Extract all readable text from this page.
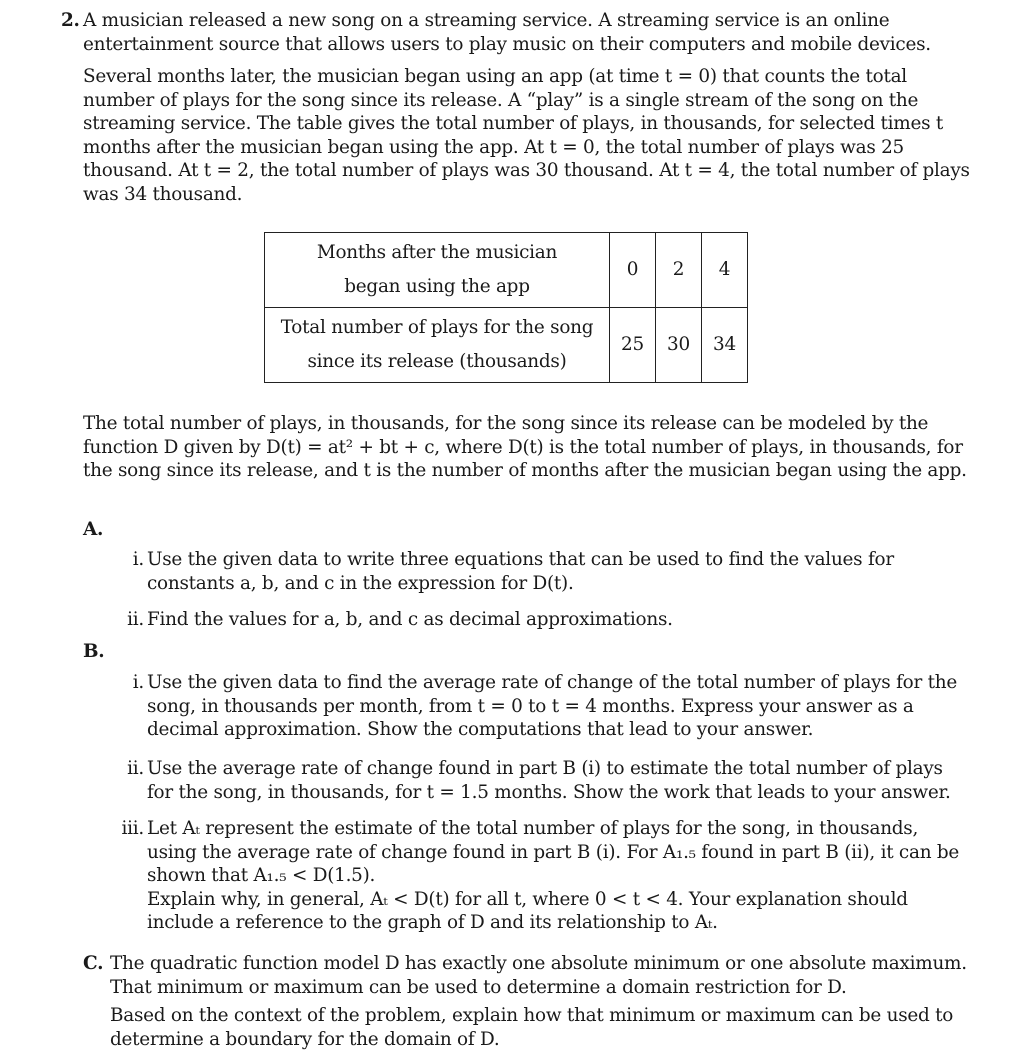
2. A musician released a new song on a streaming service. A streaming service is an online entertainment source that allows users to play music on their computers and mobile devices.

Several months later, the musician began using an app (at time t = 0) that counts the total number of plays for the song since its release. A “play” is a single stream of the song on the streaming service. The table gives the total number of plays, in thousands, for selected times t months after the musician began using the app. At t = 0, the total number of plays was 25 thousand. At t = 2, the total number of plays was 30 thousand. At t = 4, the total number of plays was 34 thousand.

Months after the musician
began using the app	0	2	4

Total number of plays for the song
since its release (thousands)	25	30	34

The total number of plays, in thousands, for the song since its release can be modeled by the function D given by D(t) = at² + bt + c, where D(t) is the total number of plays, in thousands, for the song since its release, and t is the number of months after the musician began using the app.

A.
i. Use the given data to write three equations that can be used to find the values for constants a, b, and c in the expression for D(t).
ii. Find the values for a, b, and c as decimal approximations.
B.
i. Use the given data to find the average rate of change of the total number of plays for the song, in thousands per month, from t = 0 to t = 4 months. Express your answer as a decimal approximation. Show the computations that lead to your answer.
ii. Use the average rate of change found in part B (i) to estimate the total number of plays for the song, in thousands, for t = 1.5 months. Show the work that leads to your answer.
iii. Let Aₜ represent the estimate of the total number of plays for the song, in thousands, using the average rate of change found in part B (i). For A₁.₅ found in part B (ii), it can be shown that A₁.₅ < D(1.5).
Explain why, in general, Aₜ < D(t) for all t, where 0 < t < 4. Your explanation should include a reference to the graph of D and its relationship to Aₜ.
C. The quadratic function model D has exactly one absolute minimum or one absolute maximum. That minimum or maximum can be used to determine a domain restriction for D.
Based on the context of the problem, explain how that minimum or maximum can be used to determine a boundary for the domain of D.
